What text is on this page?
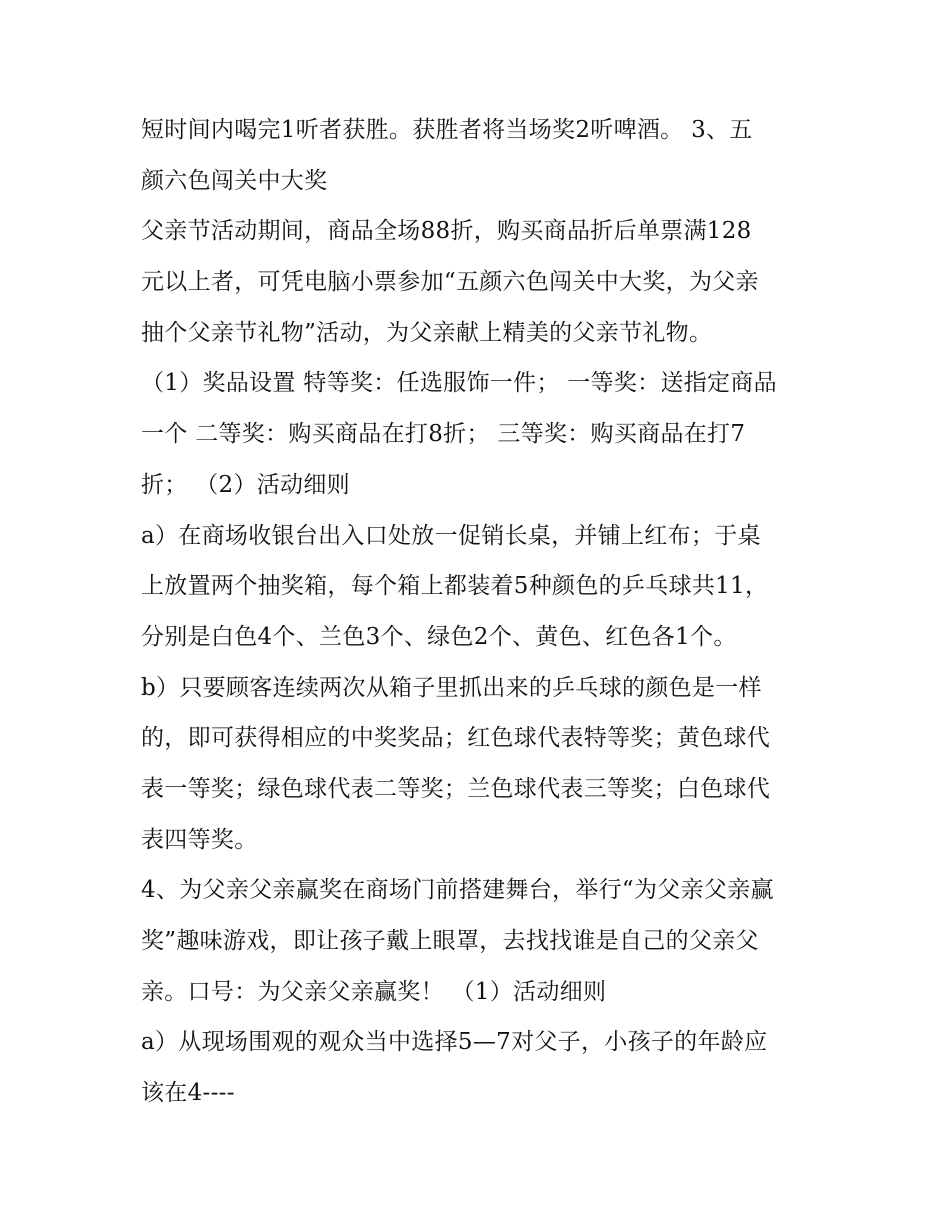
短时间内喝完1听者获胜。获胜者将当场奖2听啤酒。 3、五
颜六色闯关中大奖
父亲节活动期间，商品全场88折，购买商品折后单票满128
元以上者，可凭电脑小票参加“五颜六色闯关中大奖，为父亲
抽个父亲节礼物”活动，为父亲献上精美的父亲节礼物。
（1）奖品设置 特等奖：任选服饰一件； 一等奖：送指定商品
一个 二等奖：购买商品在打8折； 三等奖：购买商品在打7
折； （2）活动细则
a）在商场收银台出入口处放一促销长桌，并铺上红布；于桌
上放置两个抽奖箱，每个箱上都装着5种颜色的乒乓球共11，
分别是白色4个、兰色3个、绿色2个、黄色、红色各1个。
b）只要顾客连续两次从箱子里抓出来的乒乓球的颜色是一样
的，即可获得相应的中奖奖品；红色球代表特等奖；黄色球代
表一等奖；绿色球代表二等奖；兰色球代表三等奖；白色球代
表四等奖。
4、为父亲父亲赢奖在商场门前搭建舞台，举行“为父亲父亲赢
奖”趣味游戏，即让孩子戴上眼罩，去找找谁是自己的父亲父
亲。口号：为父亲父亲赢奖！ （1）活动细则
a）从现场围观的观众当中选择5—7对父子，小孩子的年龄应
该在4----
